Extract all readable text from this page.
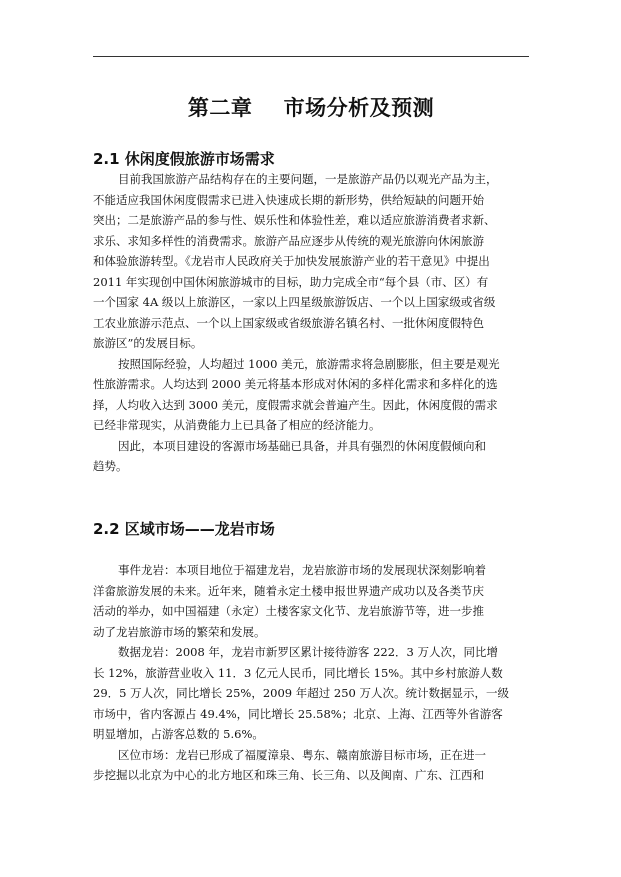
第二章    市场分析及预测
2.1 休闲度假旅游市场需求
目前我国旅游产品结构存在的主要问题，一是旅游产品仍以观光产品为主，
不能适应我国休闲度假需求已进入快速成长期的新形势，供给短缺的问题开始
突出；二是旅游产品的参与性、娱乐性和体验性差，难以适应旅游消费者求新、
求乐、求知多样性的消费需求。旅游产品应逐步从传统的观光旅游向休闲旅游
和体验旅游转型。《龙岩市人民政府关于加快发展旅游产业的若干意见》中提出
2011 年实现创中国休闲旅游城市的目标，助力完成全市“每个县（市、区）有
一个国家 4A 级以上旅游区，一家以上四星级旅游饭店、一个以上国家级或省级
工农业旅游示范点、一个以上国家级或省级旅游名镇名村、一批休闲度假特色
旅游区”的发展目标。
按照国际经验，人均超过 1000 美元，旅游需求将急剧膨胀，但主要是观光
性旅游需求。人均达到 2000 美元将基本形成对休闲的多样化需求和多样化的选
择，人均收入达到 3000 美元，度假需求就会普遍产生。因此，休闲度假的需求
已经非常现实，从消费能力上已具备了相应的经济能力。
因此，本项目建设的客源市场基础已具备，并具有强烈的休闲度假倾向和
趋势。
2.2 区域市场——龙岩市场
事件龙岩：本项目地位于福建龙岩，龙岩旅游市场的发展现状深刻影响着
洋畲旅游发展的未来。近年来，随着永定土楼申报世界遗产成功以及各类节庆
活动的举办，如中国福建（永定）土楼客家文化节、龙岩旅游节等，进一步推
动了龙岩旅游市场的繁荣和发展。
数据龙岩：2008 年，龙岩市新罗区累计接待游客 222．3 万人次，同比增
长 12%，旅游营业收入 11．3 亿元人民币，同比增长 15%。其中乡村旅游人数
29．5 万人次，同比增长 25%，2009 年超过 250 万人次。统计数据显示，一级
市场中，省内客源占 49.4%，同比增长 25.58%；北京、上海、江西等外省游客
明显增加，占游客总数的 5.6%。
区位市场：龙岩已形成了福厦漳泉、粤东、赣南旅游目标市场，正在进一
步挖掘以北京为中心的北方地区和珠三角、长三角、以及闽南、广东、江西和
